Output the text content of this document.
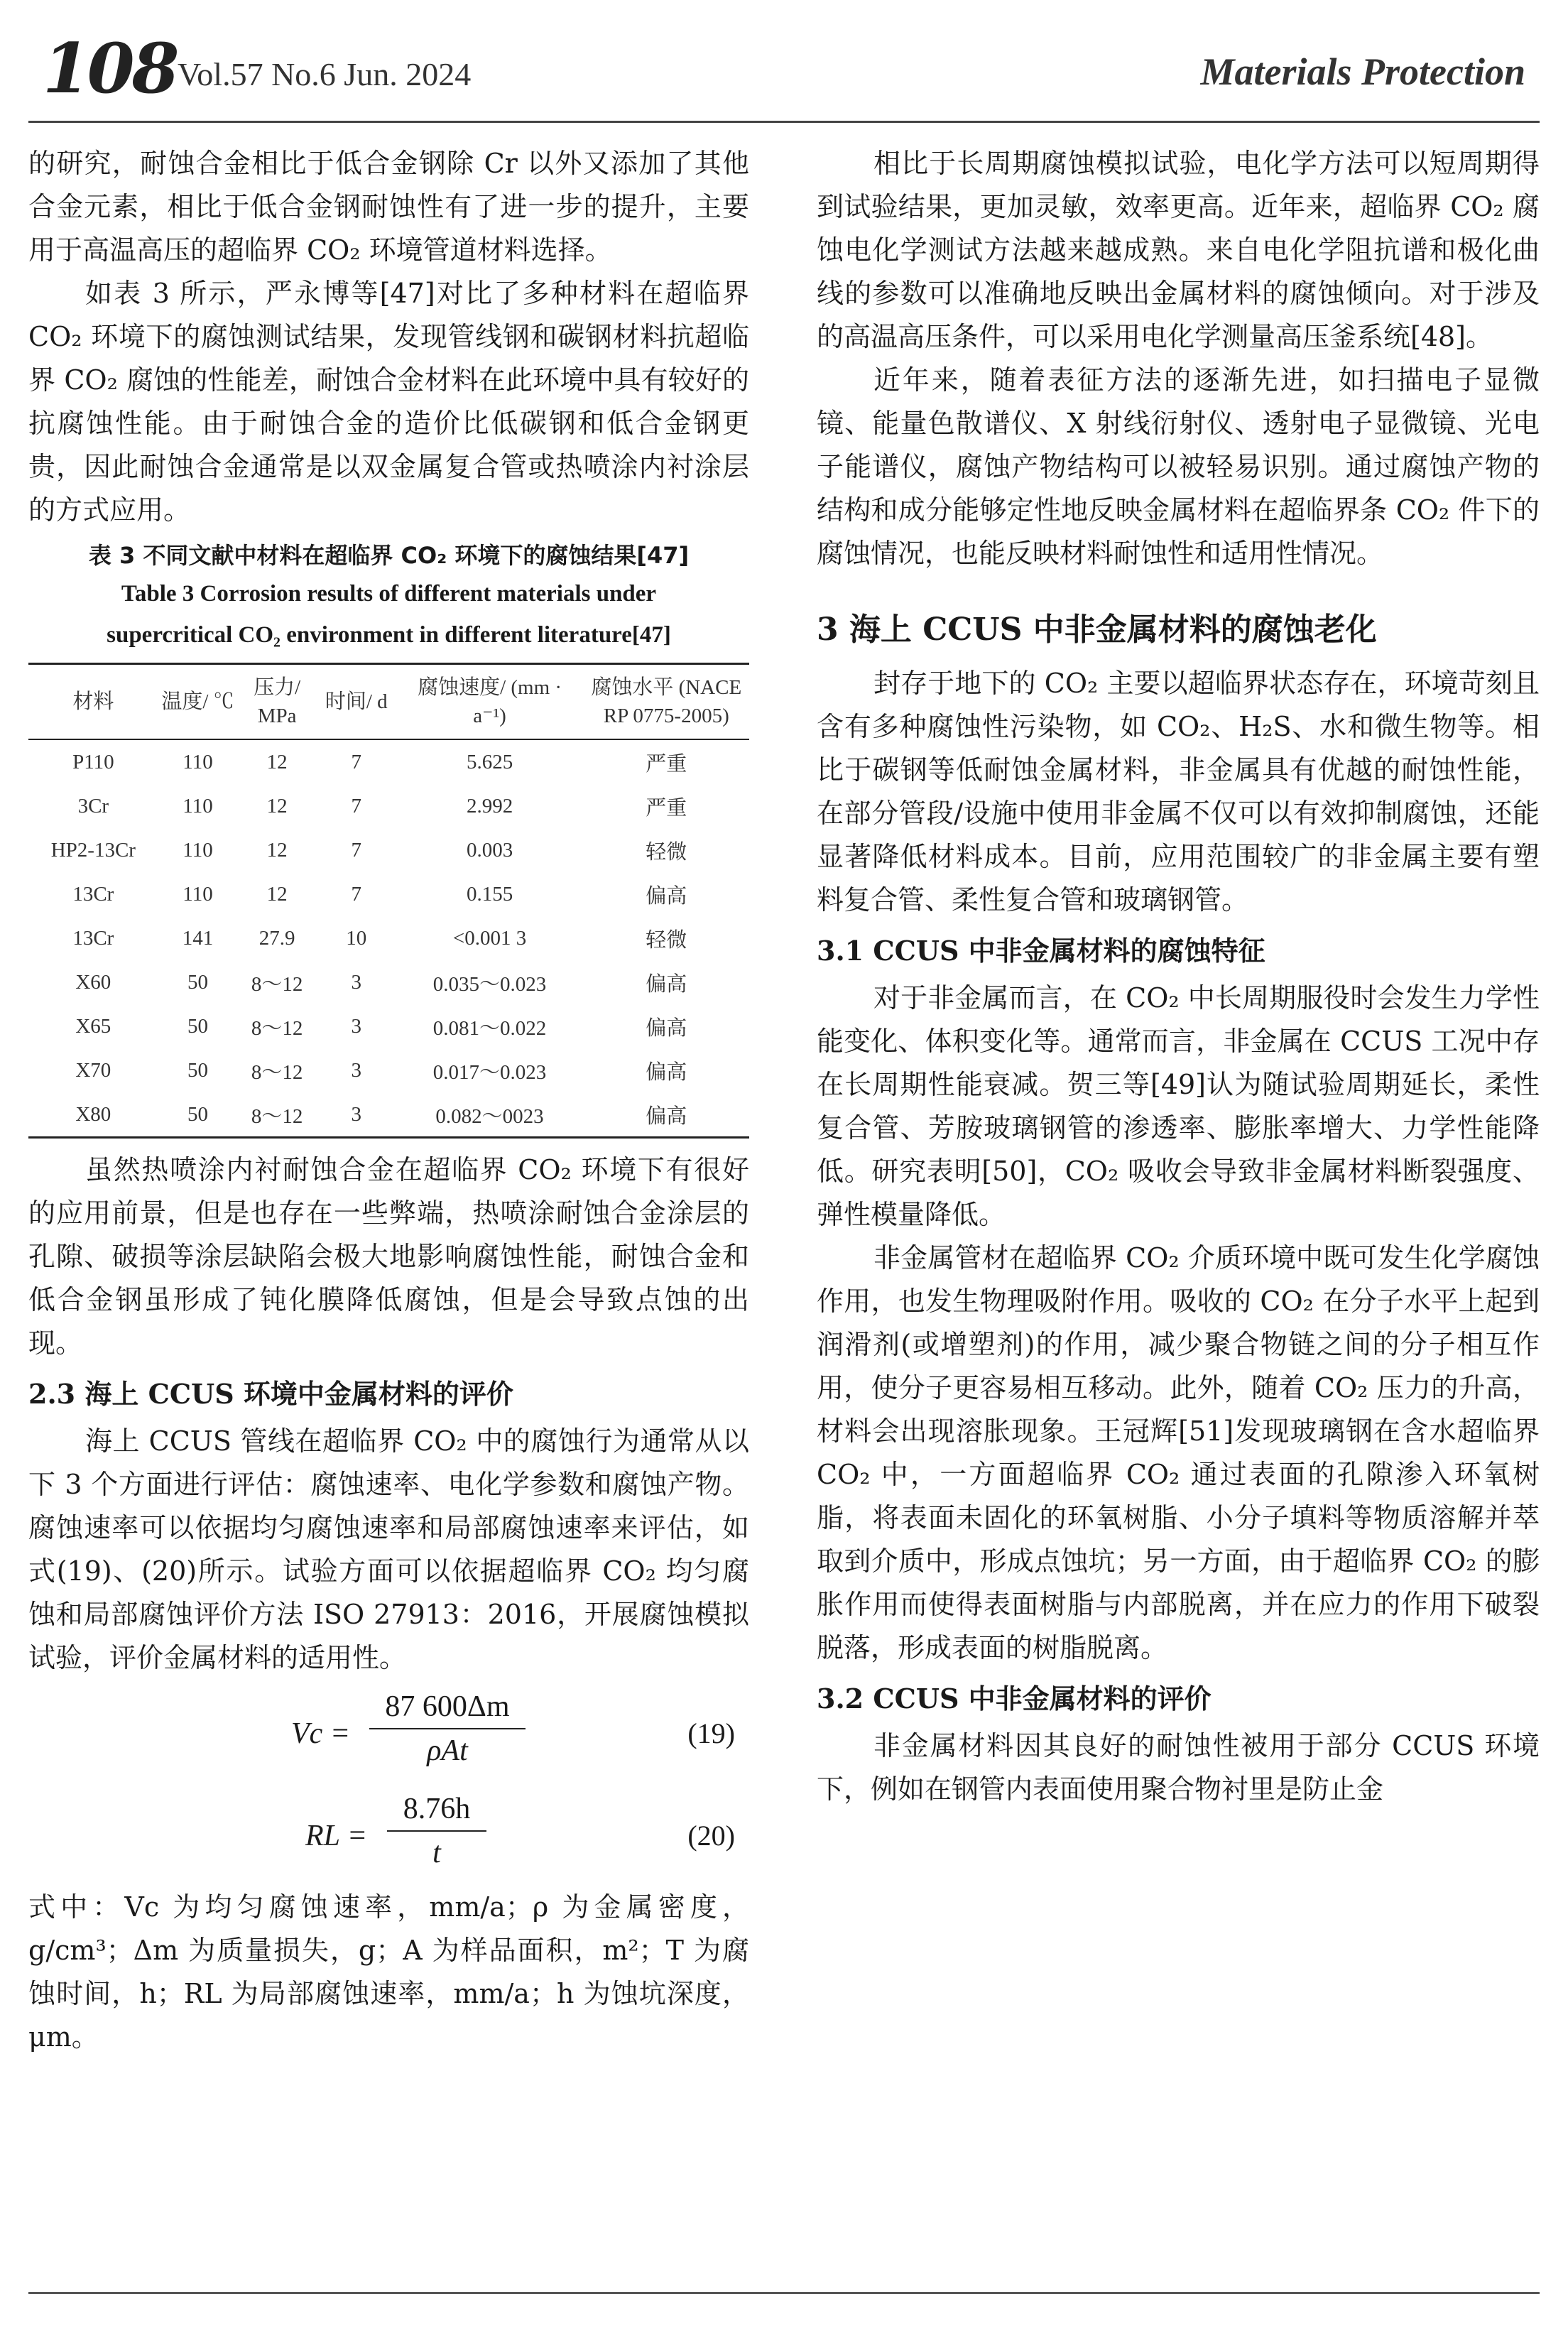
108 Vol.57 No.6 Jun. 2024	Materials Protection

的研究，耐蚀合金相比于低合金钢除 Cr 以外又添加了其他合金元素，相比于低合金钢耐蚀性有了进一步的提升，主要用于高温高压的超临界 CO₂ 环境管道材料选择。

如表 3 所示，严永博等[47]对比了多种材料在超临界 CO₂ 环境下的腐蚀测试结果，发现管线钢和碳钢材料抗超临界 CO₂ 腐蚀的性能差，耐蚀合金材料在此环境中具有较好的抗腐蚀性能。由于耐蚀合金的造价比低碳钢和低合金钢更贵，因此耐蚀合金通常是以双金属复合管或热喷涂内衬涂层的方式应用。

表 3 不同文献中材料在超临界 CO₂ 环境下的腐蚀结果[47]
Table 3 Corrosion results of different materials under
supercritical CO₂ environment in different literature[47]
材料	温度/ ℃	压力/ MPa	时间/ d	腐蚀速度/ (mm · a⁻¹)	腐蚀水平 (NACE RP 0775-2005)
P110	110	12	7	5.625	严重
3Cr	110	12	7	2.992	严重
HP2-13Cr	110	12	7	0.003	轻微
13Cr	110	12	7	0.155	偏高
13Cr	141	27.9	10	<0.001 3	轻微
X60	50	8～12	3	0.035～0.023	偏高
X65	50	8～12	3	0.081～0.022	偏高
X70	50	8～12	3	0.017～0.023	偏高
X80	50	8～12	3	0.082～0023	偏高

虽然热喷涂内衬耐蚀合金在超临界 CO₂ 环境下有很好的应用前景，但是也存在一些弊端，热喷涂耐蚀合金涂层的孔隙、破损等涂层缺陷会极大地影响腐蚀性能，耐蚀合金和低合金钢虽形成了钝化膜降低腐蚀，但是会导致点蚀的出现。

2.3 海上 CCUS 环境中金属材料的评价

海上 CCUS 管线在超临界 CO₂ 中的腐蚀行为通常从以下 3 个方面进行评估：腐蚀速率、电化学参数和腐蚀产物。腐蚀速率可以依据均匀腐蚀速率和局部腐蚀速率来评估，如式(19)、(20)所示。试验方面可以依据超临界 CO₂ 均匀腐蚀和局部腐蚀评价方法 ISO 27913：2016，开展腐蚀模拟试验，评价金属材料的适用性。

Vc =
87 600Δm
ρAt
(19)
RL = $\frac{8.76h}{t}$	(20)

式中：Vc 为均匀腐蚀速率，mm/a；ρ 为金属密度，g/cm³；Δm 为质量损失，g；A 为样品面积，m²；T 为腐蚀时间，h；RL 为局部腐蚀速率，mm/a；h 为蚀坑深度，μm。

相比于长周期腐蚀模拟试验，电化学方法可以短周期得到试验结果，更加灵敏，效率更高。近年来，超临界 CO₂ 腐蚀电化学测试方法越来越成熟。来自电化学阻抗谱和极化曲线的参数可以准确地反映出金属材料的腐蚀倾向。对于涉及的高温高压条件，可以采用电化学测量高压釜系统[48]。

近年来，随着表征方法的逐渐先进，如扫描电子显微镜、能量色散谱仪、X 射线衍射仪、透射电子显微镜、光电子能谱仪，腐蚀产物结构可以被轻易识别。通过腐蚀产物的结构和成分能够定性地反映金属材料在超临界条 CO₂ 件下的腐蚀情况，也能反映材料耐蚀性和适用性情况。

3 海上 CCUS 中非金属材料的腐蚀老化

封存于地下的 CO₂ 主要以超临界状态存在，环境苛刻且含有多种腐蚀性污染物，如 CO₂、H₂S、水和微生物等。相比于碳钢等低耐蚀金属材料，非金属具有优越的耐蚀性能，在部分管段/设施中使用非金属不仅可以有效抑制腐蚀，还能显著降低材料成本。目前，应用范围较广的非金属主要有塑料复合管、柔性复合管和玻璃钢管。

3.1 CCUS 中非金属材料的腐蚀特征

对于非金属而言，在 CO₂ 中长周期服役时会发生力学性能变化、体积变化等。通常而言，非金属在 CCUS 工况中存在长周期性能衰减。贺三等[49]认为随试验周期延长，柔性复合管、芳胺玻璃钢管的渗透率、膨胀率增大、力学性能降低。研究表明[50]，CO₂ 吸收会导致非金属材料断裂强度、弹性模量降低。

非金属管材在超临界 CO₂ 介质环境中既可发生化学腐蚀作用，也发生物理吸附作用。吸收的 CO₂ 在分子水平上起到润滑剂(或增塑剂)的作用，减少聚合物链之间的分子相互作用，使分子更容易相互移动。此外，随着 CO₂ 压力的升高，材料会出现溶胀现象。王冠辉[51]发现玻璃钢在含水超临界 CO₂ 中，一方面超临界 CO₂ 通过表面的孔隙渗入环氧树脂，将表面未固化的环氧树脂、小分子填料等物质溶解并萃取到介质中，形成点蚀坑；另一方面，由于超临界 CO₂ 的膨胀作用而使得表面树脂与内部脱离，并在应力的作用下破裂脱落，形成表面的树脂脱离。

3.2 CCUS 中非金属材料的评价

非金属材料因其良好的耐蚀性被用于部分 CCUS 环境下，例如在钢管内表面使用聚合物衬里是防止金
